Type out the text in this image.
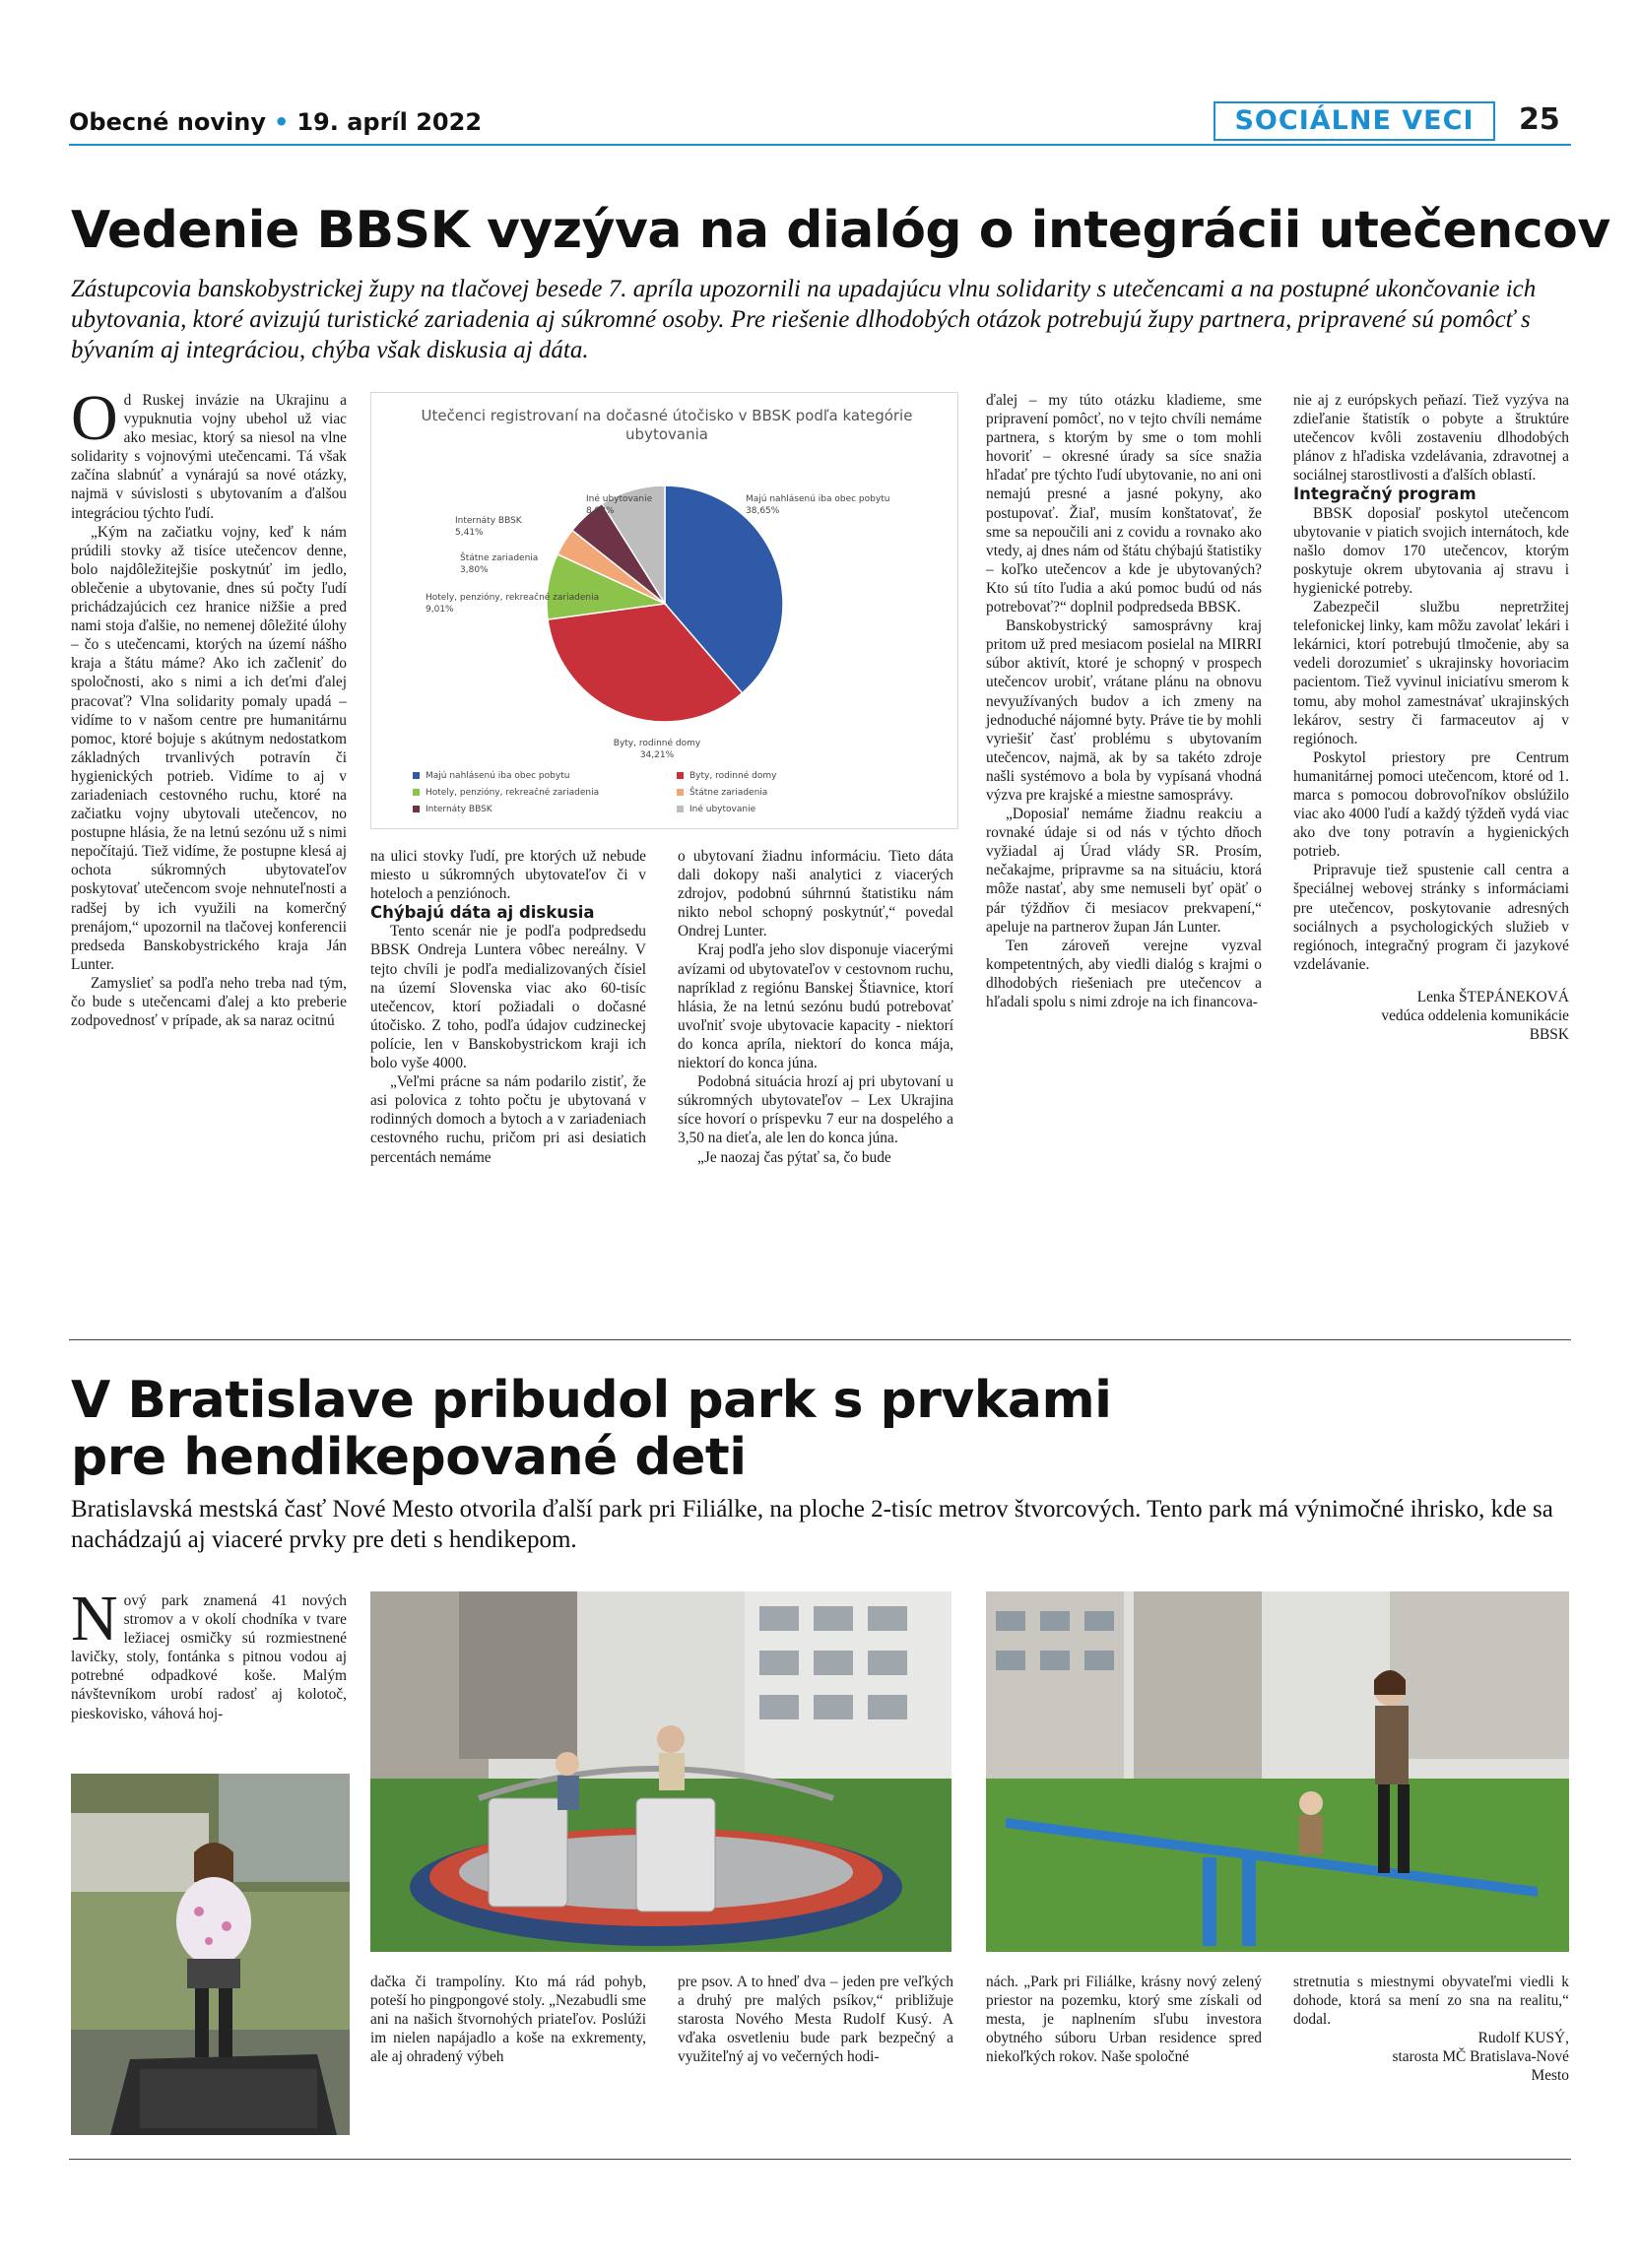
Obecné noviny • 19. apríl 2022	SOCIÁLNE VECI	25
Vedenie BBSK vyzýva na dialóg o integrácii utečencov
Zástupcovia banskobystrickej župy na tlačovej besede 7. apríla upozornili na upadajúcu vlnu solidarity s utečencami a na postupné ukončovanie ich ubytovania, ktoré avizujú turistické zariadenia aj súkromné osoby. Pre riešenie dlhodobých otázok potrebujú župy partnera, pripravené sú pomôcť s bývaním aj integráciou, chýba však diskusia aj dáta.

Od Ruskej invázie na Ukrajinu a vypuknutia vojny ubehol už viac ako mesiac, ktorý sa niesol na vlne solidarity s vojnovými utečencami. Tá však začína slabnúť a vynárajú sa nové otázky, najmä v súvislosti s ubytovaním a ďalšou integráciou týchto ľudí.

„Kým na začiatku vojny, keď k nám prúdili stovky až tisíce utečencov denne, bolo najdôležitejšie poskytnúť im jedlo, oblečenie a ubytovanie, dnes sú počty ľudí prichádzajúcich cez hranice nižšie a pred nami stoja ďalšie, no nemenej dôležité úlohy – čo s utečencami, ktorých na území nášho kraja a štátu máme? Ako ich začleniť do spoločnosti, ako s nimi a ich deťmi ďalej pracovať? Vlna solidarity pomaly upadá – vidíme to v našom centre pre humanitárnu pomoc, ktoré bojuje s akútnym nedostatkom základných trvanlivých potravín či hygienických potrieb. Vidíme to aj v zariadeniach cestovného ruchu, ktoré na začiatku vojny ubytovali utečencov, no postupne hlásia, že na letnú sezónu už s nimi nepočítajú. Tiež vidíme, že postupne klesá aj ochota súkromných ubytovateľov poskytovať utečencom svoje nehnuteľnosti a radšej by ich využili na komerčný prenájom,“ upozornil na tlačovej konferencii predseda Banskobystrického kraja Ján Lunter.

Zamyslieť sa podľa neho treba nad tým, čo bude s utečencami ďalej a kto preberie zodpovednosť v prípade, ak sa naraz ocitnú

Utečenci registrovaní na dočasné útočisko v BBSK podľa kategórie ubytovania
Majú nahlásenú iba obec pobytu 38,65%
Byty, rodinné domy 34,21%
Hotely, penzióny, rekreačné zariadenia 9,01%
Štátne zariadenia 3,80%
Internáty BBSK 5,41%
Iné ubytovanie 8,92%
Majú nahlásenú iba obec pobytu	Byty, rodinné domy
Hotely, penzióny, rekreačné zariadenia	Štátne zariadenia
Internáty BBSK	Iné ubytovanie

na ulici stovky ľudí, pre ktorých už nebude miesto u súkromných ubytovateľov či v hoteloch a penziónoch.

Chýbajú dáta aj diskusia

Tento scenár nie je podľa podpredsedu BBSK Ondreja Luntera vôbec nereálny. V tejto chvíli je podľa medializovaných čísiel na území Slovenska viac ako 60-tisíc utečencov, ktorí požiadali o dočasné útočisko. Z toho, podľa údajov cudzineckej polície, len v Banskobystrickom kraji ich bolo vyše 4000.

„Veľmi prácne sa nám podarilo zistiť, že asi polovica z tohto počtu je ubytovaná v rodinných domoch a bytoch a v zariadeniach cestovného ruchu, pričom pri asi desiatich percentách nemáme

o ubytovaní žiadnu informáciu. Tieto dáta dali dokopy naši analytici z viacerých zdrojov, podobnú súhrnnú štatistiku nám nikto nebol schopný poskytnúť,“ povedal Ondrej Lunter.

Kraj podľa jeho slov disponuje viacerými avízami od ubytovateľov v cestovnom ruchu, napríklad z regiónu Banskej Štiavnice, ktorí hlásia, že na letnú sezónu budú potrebovať uvoľniť svoje ubytovacie kapacity - niektorí do konca apríla, niektorí do konca mája, niektorí do konca júna.

Podobná situácia hrozí aj pri ubytovaní u súkromných ubytovateľov – Lex Ukrajina síce hovorí o príspevku 7 eur na dospelého a 3,50 na dieťa, ale len do konca júna.

„Je naozaj čas pýtať sa, čo bude

ďalej – my túto otázku kladieme, sme pripravení pomôcť, no v tejto chvíli nemáme partnera, s ktorým by sme o tom mohli hovoriť – okresné úrady sa síce snažia hľadať pre týchto ľudí ubytovanie, no ani oni nemajú presné a jasné pokyny, ako postupovať. Žiaľ, musím konštatovať, že sme sa nepoučili ani z covidu a rovnako ako vtedy, aj dnes nám od štátu chýbajú štatistiky – koľko utečencov a kde je ubytovaných? Kto sú títo ľudia a akú pomoc budú od nás potrebovať?“ doplnil podpredseda BBSK.

Banskobystrický samosprávny kraj pritom už pred mesiacom posielal na MIRRI súbor aktivít, ktoré je schopný v prospech utečencov urobiť, vrátane plánu na obnovu nevyužívaných budov a ich zmeny na jednoduché nájomné byty. Práve tie by mohli vyriešiť časť problému s ubytovaním utečencov, najmä, ak by sa takéto zdroje našli systémovo a bola by vypísaná vhodná výzva pre krajské a miestne samosprávy.

„Doposiaľ nemáme žiadnu reakciu a rovnaké údaje si od nás v týchto dňoch vyžiadal aj Úrad vlády SR. Prosím, nečakajme, pripravme sa na situáciu, ktorá môže nastať, aby sme nemuseli byť opäť o pár týždňov či mesiacov prekvapení,“ apeluje na partnerov župan Ján Lunter.

Ten zároveň verejne vyzval kompetentných, aby viedli dialóg s krajmi o dlhodobých riešeniach pre utečencov a hľadali spolu s nimi zdroje na ich financova-

nie aj z európskych peňazí. Tiež vyzýva na zdieľanie štatistík o pobyte a štruktúre utečencov kvôli zostaveniu dlhodobých plánov z hľadiska vzdelávania, zdravotnej a sociálnej starostlivosti a ďalších oblastí.

Integračný program

BBSK doposiaľ poskytol utečencom ubytovanie v piatich svojich internátoch, kde našlo domov 170 utečencov, ktorým poskytuje okrem ubytovania aj stravu i hygienické potreby.

Zabezpečil službu nepretržitej telefonickej linky, kam môžu zavolať lekári i lekárnici, ktorí potrebujú tlmočenie, aby sa vedeli dorozumieť s ukrajinsky hovoriacim pacientom. Tiež vyvinul iniciatívu smerom k tomu, aby mohol zamestnávať ukrajinských lekárov, sestry či farmaceutov aj v regiónoch.

Poskytol priestory pre Centrum humanitárnej pomoci utečencom, ktoré od 1. marca s pomocou dobrovoľníkov obslúžilo viac ako 4000 ľudí a každý týždeň vydá viac ako dve tony potravín a hygienických potrieb.

Pripravuje tiež spustenie call centra a špeciálnej webovej stránky s informáciami pre utečencov, poskytovanie adresných sociálnych a psychologických služieb v regiónoch, integračný program či jazykové vzdelávanie.

Lenka ŠTEPÁNEKOVÁ

vedúca oddelenia komunikácie

BBSK

V Bratislave pribudol park s prvkami
pre hendikepované deti
Bratislavská mestská časť Nové Mesto otvorila ďalší park pri Filiálke, na ploche 2-tisíc metrov štvorcových. Tento park má výnimočné ihrisko, kde sa nachádzajú aj viaceré prvky pre deti s hendikepom.

Nový park znamená 41 nových stromov a v okolí chodníka v tvare ležiacej osmičky sú rozmiestnené lavičky, stoly, fontánka s pitnou vodou aj potrebné odpadkové koše. Malým návštevníkom urobí radosť aj kolotoč, pieskovisko, váhová hoj-

dačka či trampolíny. Kto má rád pohyb, poteší ho pingpongové stoly. „Nezabudli sme ani na našich štvornohých priateľov. Poslúži im nielen napájadlo a koše na exkrementy, ale aj ohradený výbeh

pre psov. A to hneď dva – jeden pre veľkých a druhý pre malých psíkov,“ približuje starosta Nového Mesta Rudolf Kusý. A vďaka osvetleniu bude park bezpečný a využiteľný aj vo večerných hodi-

nách. „Park pri Filiálke, krásny nový zelený priestor na pozemku, ktorý sme získali od mesta, je naplnením sľubu investora obytného súboru Urban residence spred niekoľkých rokov. Naše spoločné

stretnutia s miestnymi obyvateľmi viedli k dohode, ktorá sa mení zo sna na realitu,“ dodal.

Rudolf KUSÝ,

starosta MČ Bratislava-Nové

Mesto
